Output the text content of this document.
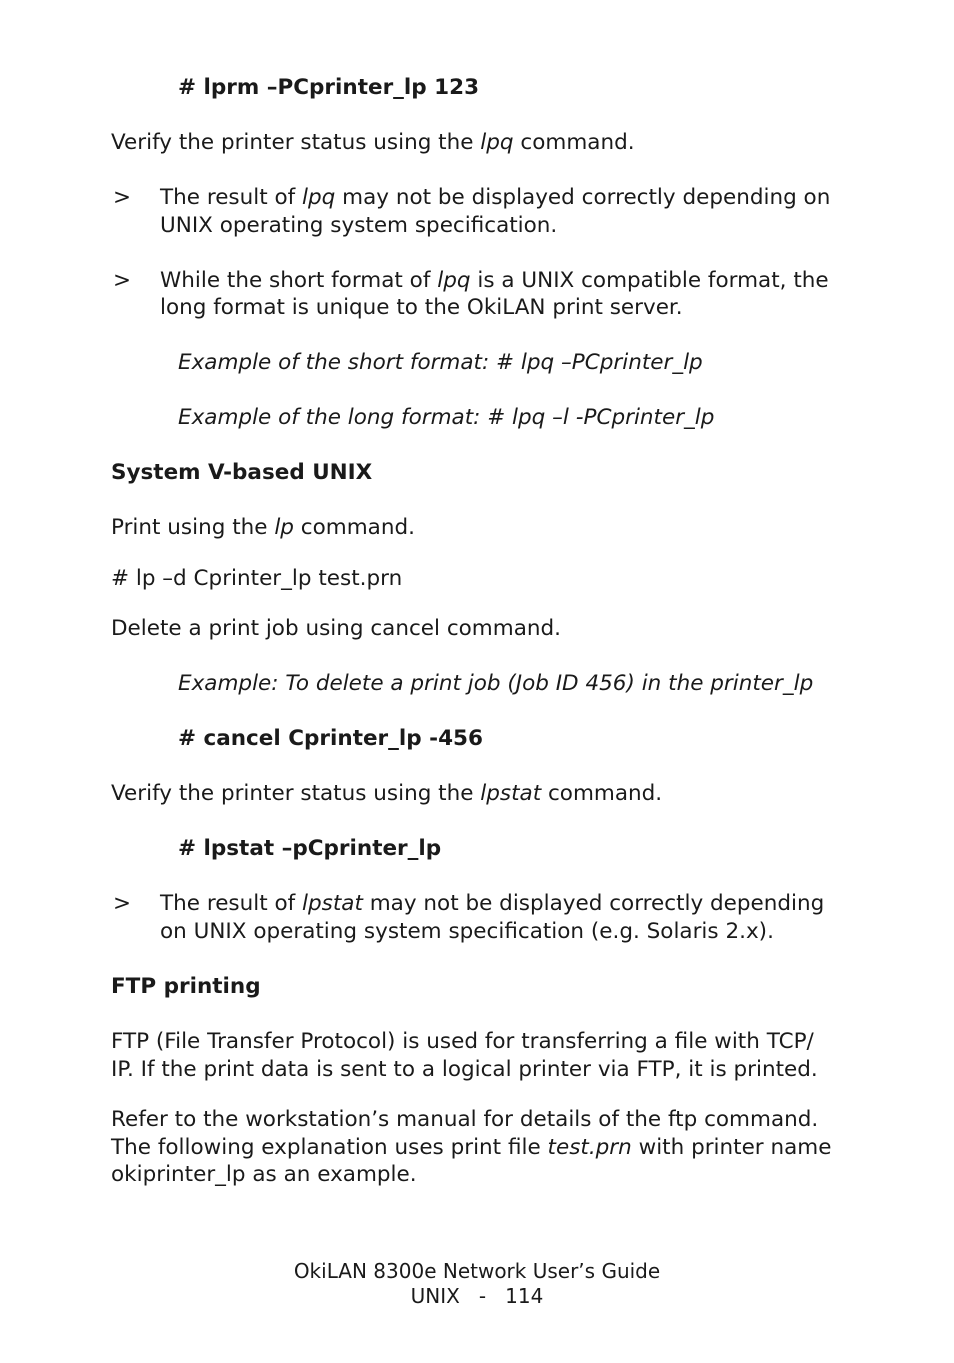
# lprm –PCprinter_lp 123
Verify the printer status using the lpq command.
> The result of lpq may not be displayed correctly depending on
UNIX operating system specification.
> While the short format of lpq is a UNIX compatible format, the
long format is unique to the OkiLAN print server.
Example of the short format: # lpq –PCprinter_lp
Example of the long format: # lpq –l -PCprinter_lp
System V-based UNIX
Print using the lp command.
# lp –d Cprinter_lp test.prn
Delete a print job using cancel command.
Example: To delete a print job (Job ID 456) in the printer_lp
# cancel Cprinter_lp -456
Verify the printer status using the lpstat command.
# lpstat –pCprinter_lp
> The result of lpstat may not be displayed correctly depending
on UNIX operating system specification (e.g. Solaris 2.x).
FTP printing
FTP (File Transfer Protocol) is used for transferring a file with TCP/
IP. If the print data is sent to a logical printer via FTP, it is printed.
Refer to the workstation’s manual for details of the ftp command.
The following explanation uses print file test.prn with printer name
okiprinter_lp as an example.
OkiLAN 8300e Network User’s Guide
UNIX   -   114
